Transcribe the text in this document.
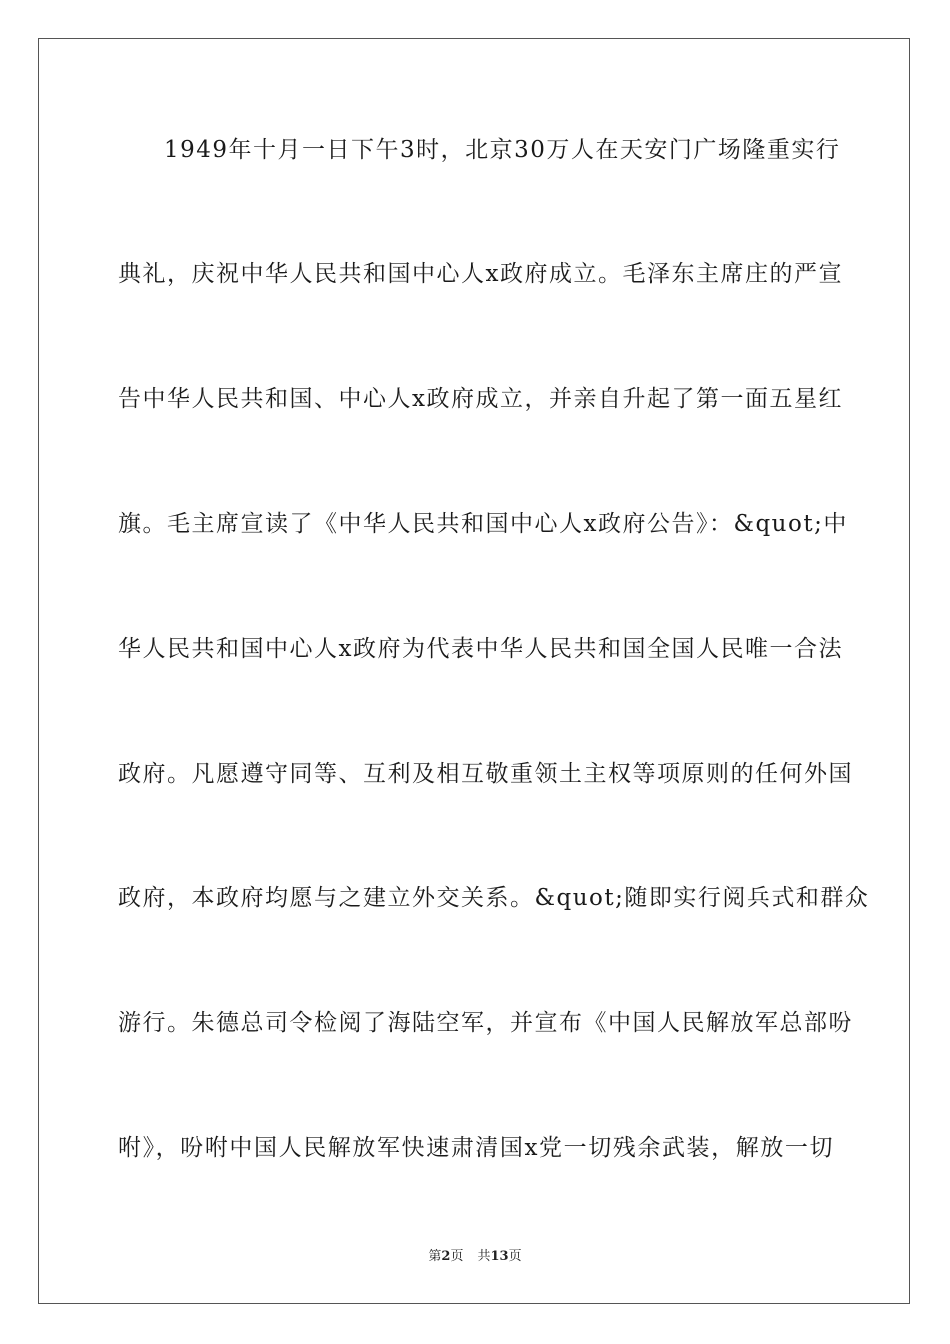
1949年十月一日下午3时，北京30万人在天安门广场隆重实行
典礼，庆祝中华人民共和国中心人x政府成立。毛泽东主席庄的严宣
告中华人民共和国、中心人x政府成立，并亲自升起了第一面五星红
旗。毛主席宣读了《中华人民共和国中心人x政府公告》：&quot;中
华人民共和国中心人x政府为代表中华人民共和国全国人民唯一合法
政府。凡愿遵守同等、互利及相互敬重领土主权等项原则的任何外国
政府，本政府均愿与之建立外交关系。&quot;随即实行阅兵式和群众
游行。朱德总司令检阅了海陆空军，并宣布《中国人民解放军总部吩
咐》，吩咐中国人民解放军快速肃清国x党一切残余武装，解放一切
第2页 共13页
